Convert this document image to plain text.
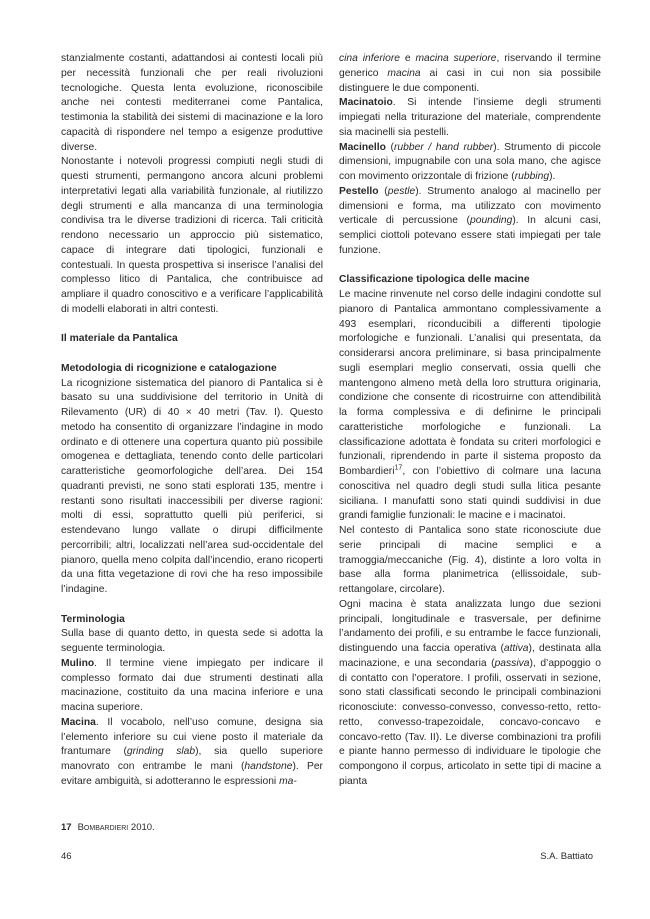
stanzialmente costanti, adattandosi ai contesti locali più per necessità funzionali che per reali rivoluzioni tecnologiche. Questa lenta evoluzione, riconoscibile anche nei contesti mediterranei come Pantalica, testimonia la stabilità dei sistemi di macinazione e la loro capacità di rispondere nel tempo a esigenze produttive diverse.

Nonostante i notevoli progressi compiuti negli studi di questi strumenti, permangono ancora alcuni problemi interpretativi legati alla variabilità funzionale, al riutilizzo degli strumenti e alla mancanza di una terminologia condivisa tra le diverse tradizioni di ricerca. Tali criticità rendono necessario un approccio più sistematico, capace di integrare dati tipologici, funzionali e contestuali. In questa prospettiva si inserisce l’analisi del complesso litico di Pantalica, che contribuisce ad ampliare il quadro conoscitivo e a verificare l’applicabilità di modelli elaborati in altri contesti.

Il materiale da Pantalica
Metodologia di ricognizione e catalogazione

La ricognizione sistematica del pianoro di Pantalica si è basato su una suddivisione del territorio in Unità di Rilevamento (UR) di 40 × 40 metri (Tav. I). Questo metodo ha consentito di organizzare l’indagine in modo ordinato e di ottenere una copertura quanto più possibile omogenea e dettagliata, tenendo conto delle particolari caratteristiche geomorfologiche dell’area. Dei 154 quadranti previsti, ne sono stati esplorati 135, mentre i restanti sono risultati inaccessibili per diverse ragioni: molti di essi, soprattutto quelli più periferici, si estendevano lungo vallate o dirupi difficilmente percorribili; altri, localizzati nell’area sud-occidentale del pianoro, quella meno colpita dall’incendio, erano ricoperti da una fitta vegetazione di rovi che ha reso impossibile l’indagine.

Terminologia

Sulla base di quanto detto, in questa sede si adotta la seguente terminologia.

Mulino. Il termine viene impiegato per indicare il complesso formato dai due strumenti destinati alla macinazione, costituito da una macina inferiore e una macina superiore.

Macina. Il vocabolo, nell’uso comune, designa sia l’elemento inferiore su cui viene posto il materiale da frantumare (grinding slab), sia quello superiore manovrato con entrambe le mani (handstone). Per evitare ambiguità, si adotteranno le espressioni ma-

cina inferiore e macina superiore, riservando il termine generico macina ai casi in cui non sia possibile distinguere le due componenti.

Macinatoio. Si intende l’insieme degli strumenti impiegati nella triturazione del materiale, comprendente sia macinelli sia pestelli.

Macinello (rubber / hand rubber). Strumento di piccole dimensioni, impugnabile con una sola mano, che agisce con movimento orizzontale di frizione (rubbing).

Pestello (pestle). Strumento analogo al macinello per dimensioni e forma, ma utilizzato con movimento verticale di percussione (pounding). In alcuni casi, semplici ciottoli potevano essere stati impiegati per tale funzione.

Classificazione tipologica delle macine

Le macine rinvenute nel corso delle indagini condotte sul pianoro di Pantalica ammontano complessivamente a 493 esemplari, riconducibili a differenti tipologie morfologiche e funzionali. L’analisi qui presentata, da considerarsi ancora preliminare, si basa principalmente sugli esemplari meglio conservati, ossia quelli che mantengono almeno metà della loro struttura originaria, condizione che consente di ricostruirne con attendibilità la forma complessiva e di definirne le principali caratteristiche morfologiche e funzionali. La classificazione adottata è fondata su criteri morfologici e funzionali, riprendendo in parte il sistema proposto da Bombardieri$^{17}$, con l’obiettivo di colmare una lacuna conoscitiva nel quadro degli studi sulla litica pesante siciliana. I manufatti sono stati quindi suddivisi in due grandi famiglie funzionali: le macine e i macinatoi.

Nel contesto di Pantalica sono state riconosciute due serie principali di macine semplici e a tramoggia/meccaniche (Fig. 4), distinte a loro volta in base alla forma planimetrica (ellissoidale, sub-rettangolare, circolare).

Ogni macina è stata analizzata lungo due sezioni principali, longitudinale e trasversale, per definirne l’andamento dei profili, e su entrambe le facce funzionali, distinguendo una faccia operativa (attiva), destinata alla macinazione, e una secondaria (passiva), d’appoggio o di contatto con l’operatore. I profili, osservati in sezione, sono stati classificati secondo le principali combinazioni riconosciute: convesso-convesso, convesso-retto, retto-retto, convesso-trapezoidale, concavo-concavo e concavo-retto (Tav. II). Le diverse combinazioni tra profili e piante hanno permesso di individuare le tipologie che compongono il corpus, articolato in sette tipi di macine a pianta

17 Bombardieri 2010.
46	S.A. Battiato
